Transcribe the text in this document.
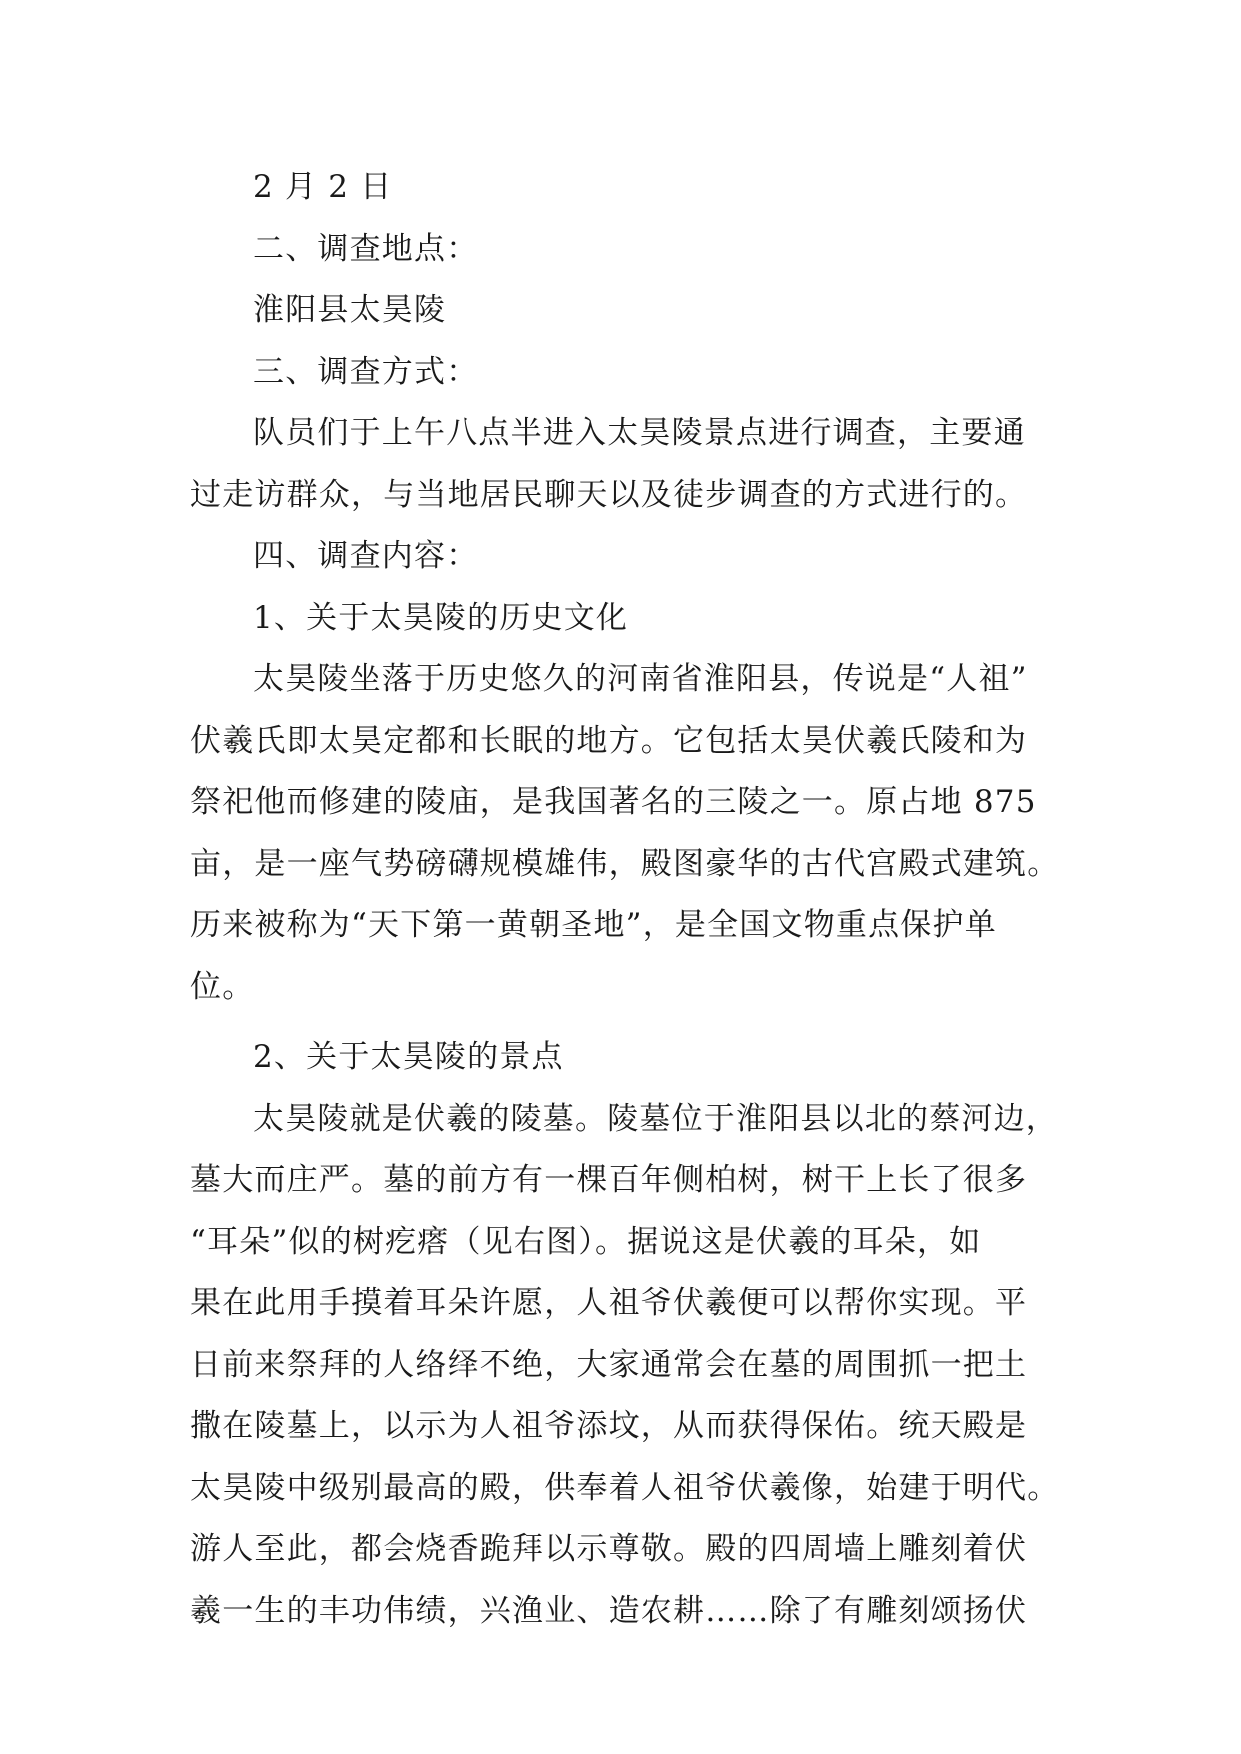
2 月 2 日
二、调查地点：
淮阳县太昊陵
三、调查方式：
队员们于上午八点半进入太昊陵景点进行调查，主要通
过走访群众，与当地居民聊天以及徒步调查的方式进行的。
四、调查内容：
1、关于太昊陵的历史文化
太昊陵坐落于历史悠久的河南省淮阳县，传说是“人祖”
伏羲氏即太昊定都和长眠的地方。它包括太昊伏羲氏陵和为
祭祀他而修建的陵庙，是我国著名的三陵之一。原占地 875
亩，是一座气势磅礴规模雄伟，殿图豪华的古代宫殿式建筑。
历来被称为“天下第一黄朝圣地”，是全国文物重点保护单
位。
2、关于太昊陵的景点
太昊陵就是伏羲的陵墓。陵墓位于淮阳县以北的蔡河边，
墓大而庄严。墓的前方有一棵百年侧柏树，树干上长了很多
“耳朵”似的树疙瘩（见右图）。据说这是伏羲的耳朵，如
果在此用手摸着耳朵许愿，人祖爷伏羲便可以帮你实现。平
日前来祭拜的人络绎不绝，大家通常会在墓的周围抓一把土
撒在陵墓上，以示为人祖爷添坟，从而获得保佑。统天殿是
太昊陵中级别最高的殿，供奉着人祖爷伏羲像，始建于明代。
游人至此，都会烧香跪拜以示尊敬。殿的四周墙上雕刻着伏
羲一生的丰功伟绩，兴渔业、造农耕……除了有雕刻颂扬伏
